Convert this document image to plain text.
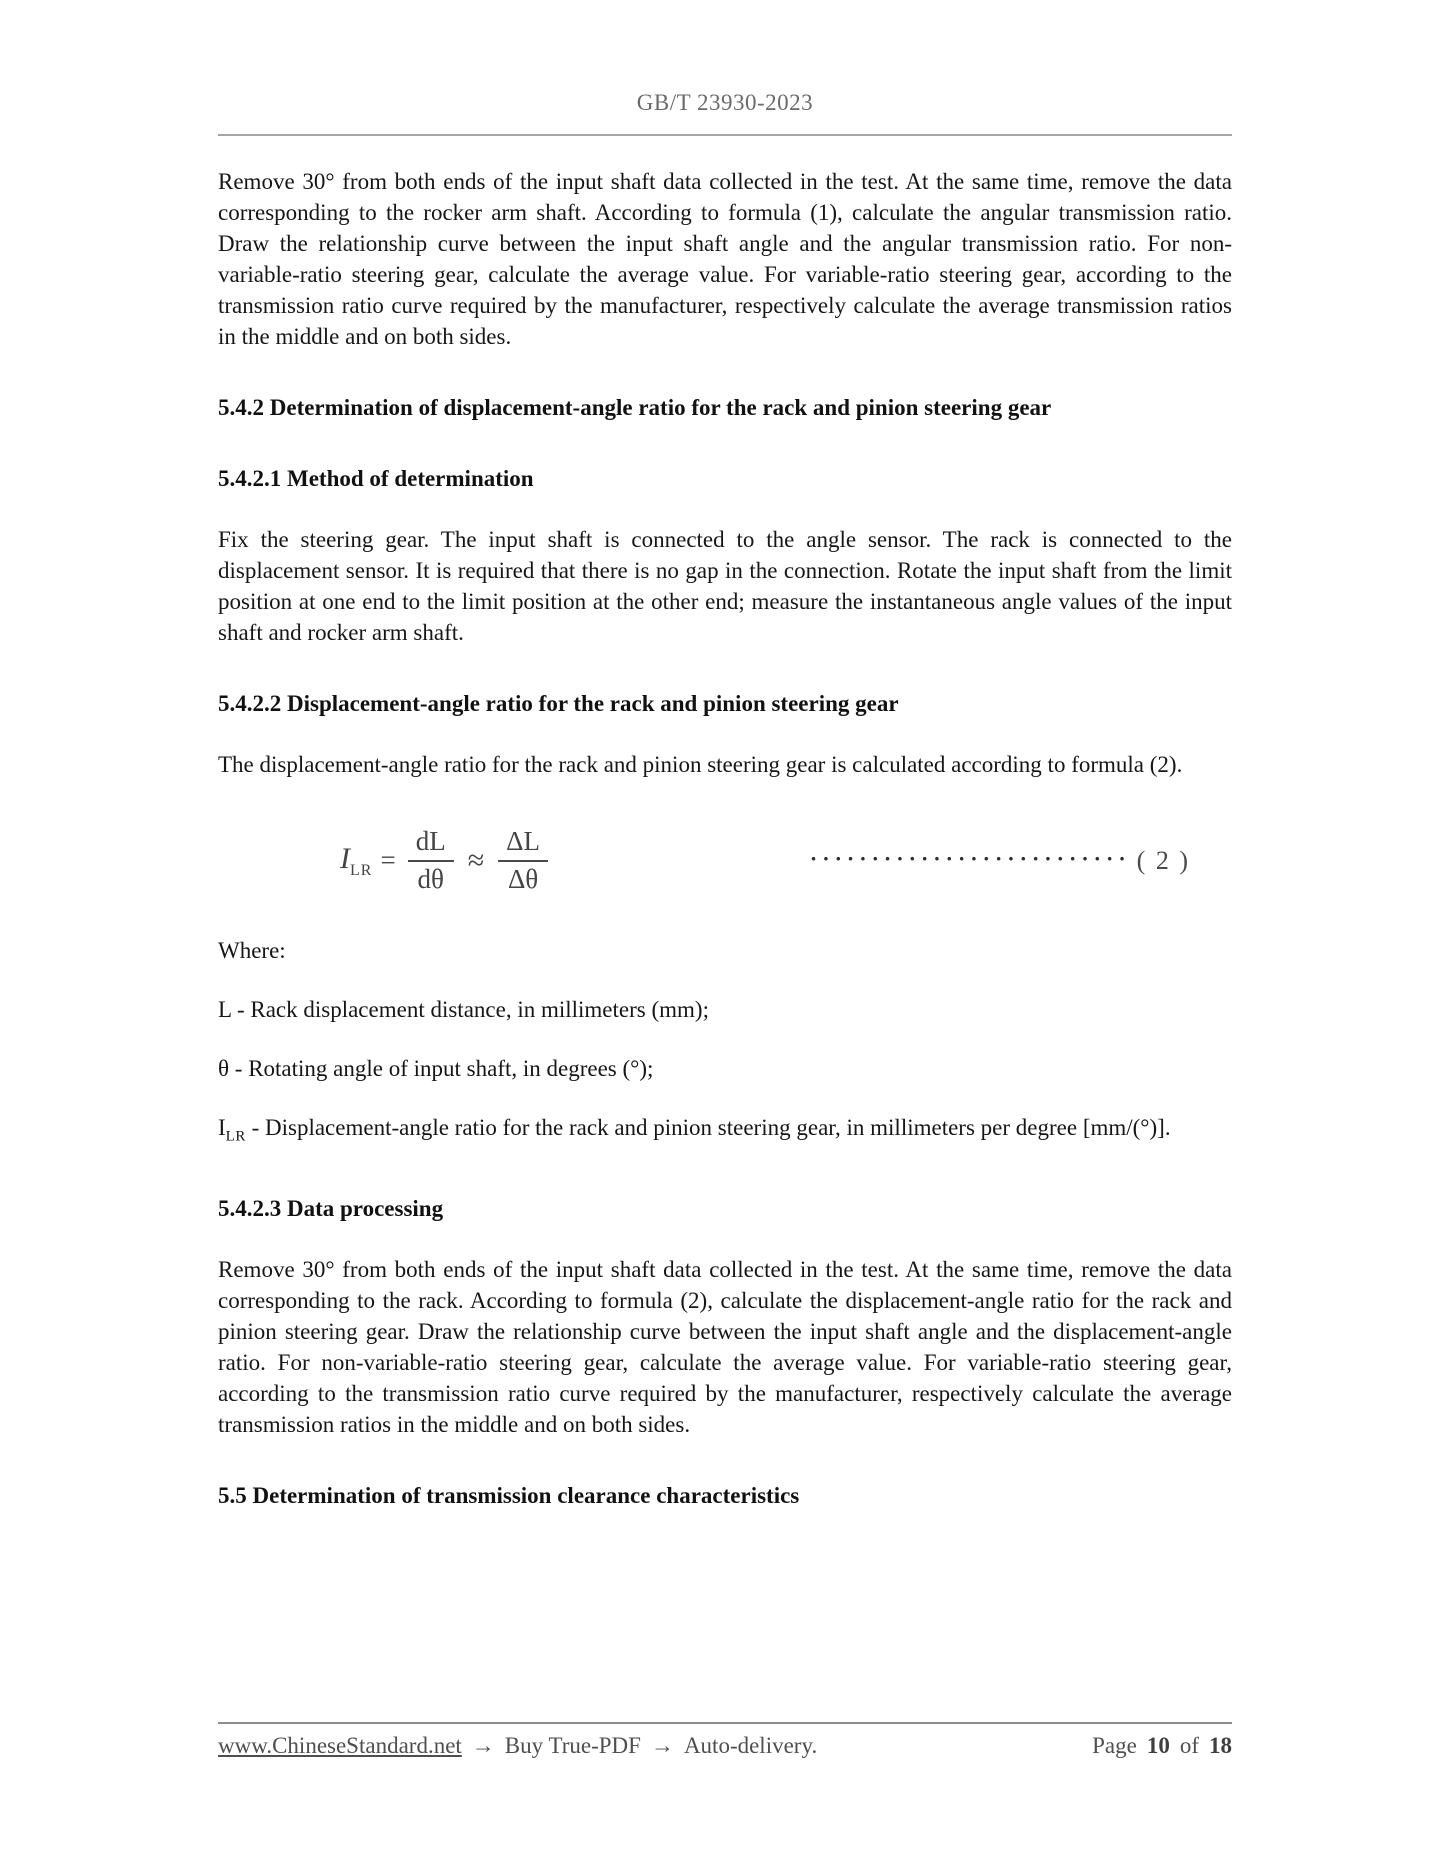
GB/T 23930-2023

Remove 30° from both ends of the input shaft data collected in the test. At the same time, remove the data corresponding to the rocker arm shaft. According to formula (1), calculate the angular transmission ratio. Draw the relationship curve between the input shaft angle and the angular transmission ratio. For non-variable-ratio steering gear, calculate the average value. For variable-ratio steering gear, according to the transmission ratio curve required by the manufacturer, respectively calculate the average transmission ratios in the middle and on both sides.

5.4.2 Determination of displacement-angle ratio for the rack and pinion steering gear
5.4.2.1 Method of determination

Fix the steering gear. The input shaft is connected to the angle sensor. The rack is connected to the displacement sensor. It is required that there is no gap in the connection. Rotate the input shaft from the limit position at one end to the limit position at the other end; measure the instantaneous angle values of the input shaft and rocker arm shaft.

5.4.2.2 Displacement-angle ratio for the rack and pinion steering gear

The displacement-angle ratio for the rack and pinion steering gear is calculated according to formula (2).

$I_{LR} = \frac{dL}{d\theta} \approx \frac{\Delta L}{\Delta\theta}$	·························· ( 2 )

Where:

L - Rack displacement distance, in millimeters (mm);

θ - Rotating angle of input shaft, in degrees (°);

$I_{LR}$ - Displacement-angle ratio for the rack and pinion steering gear, in millimeters per degree [mm/(°)].

5.4.2.3 Data processing

Remove 30° from both ends of the input shaft data collected in the test. At the same time, remove the data corresponding to the rack. According to formula (2), calculate the displacement-angle ratio for the rack and pinion steering gear. Draw the relationship curve between the input shaft angle and the displacement-angle ratio. For non-variable-ratio steering gear, calculate the average value. For variable-ratio steering gear, according to the transmission ratio curve required by the manufacturer, respectively calculate the average transmission ratios in the middle and on both sides.

5.5 Determination of transmission clearance characteristics
www.ChineseStandard.net → Buy True-PDF → Auto-delivery.	Page 10 of 18
